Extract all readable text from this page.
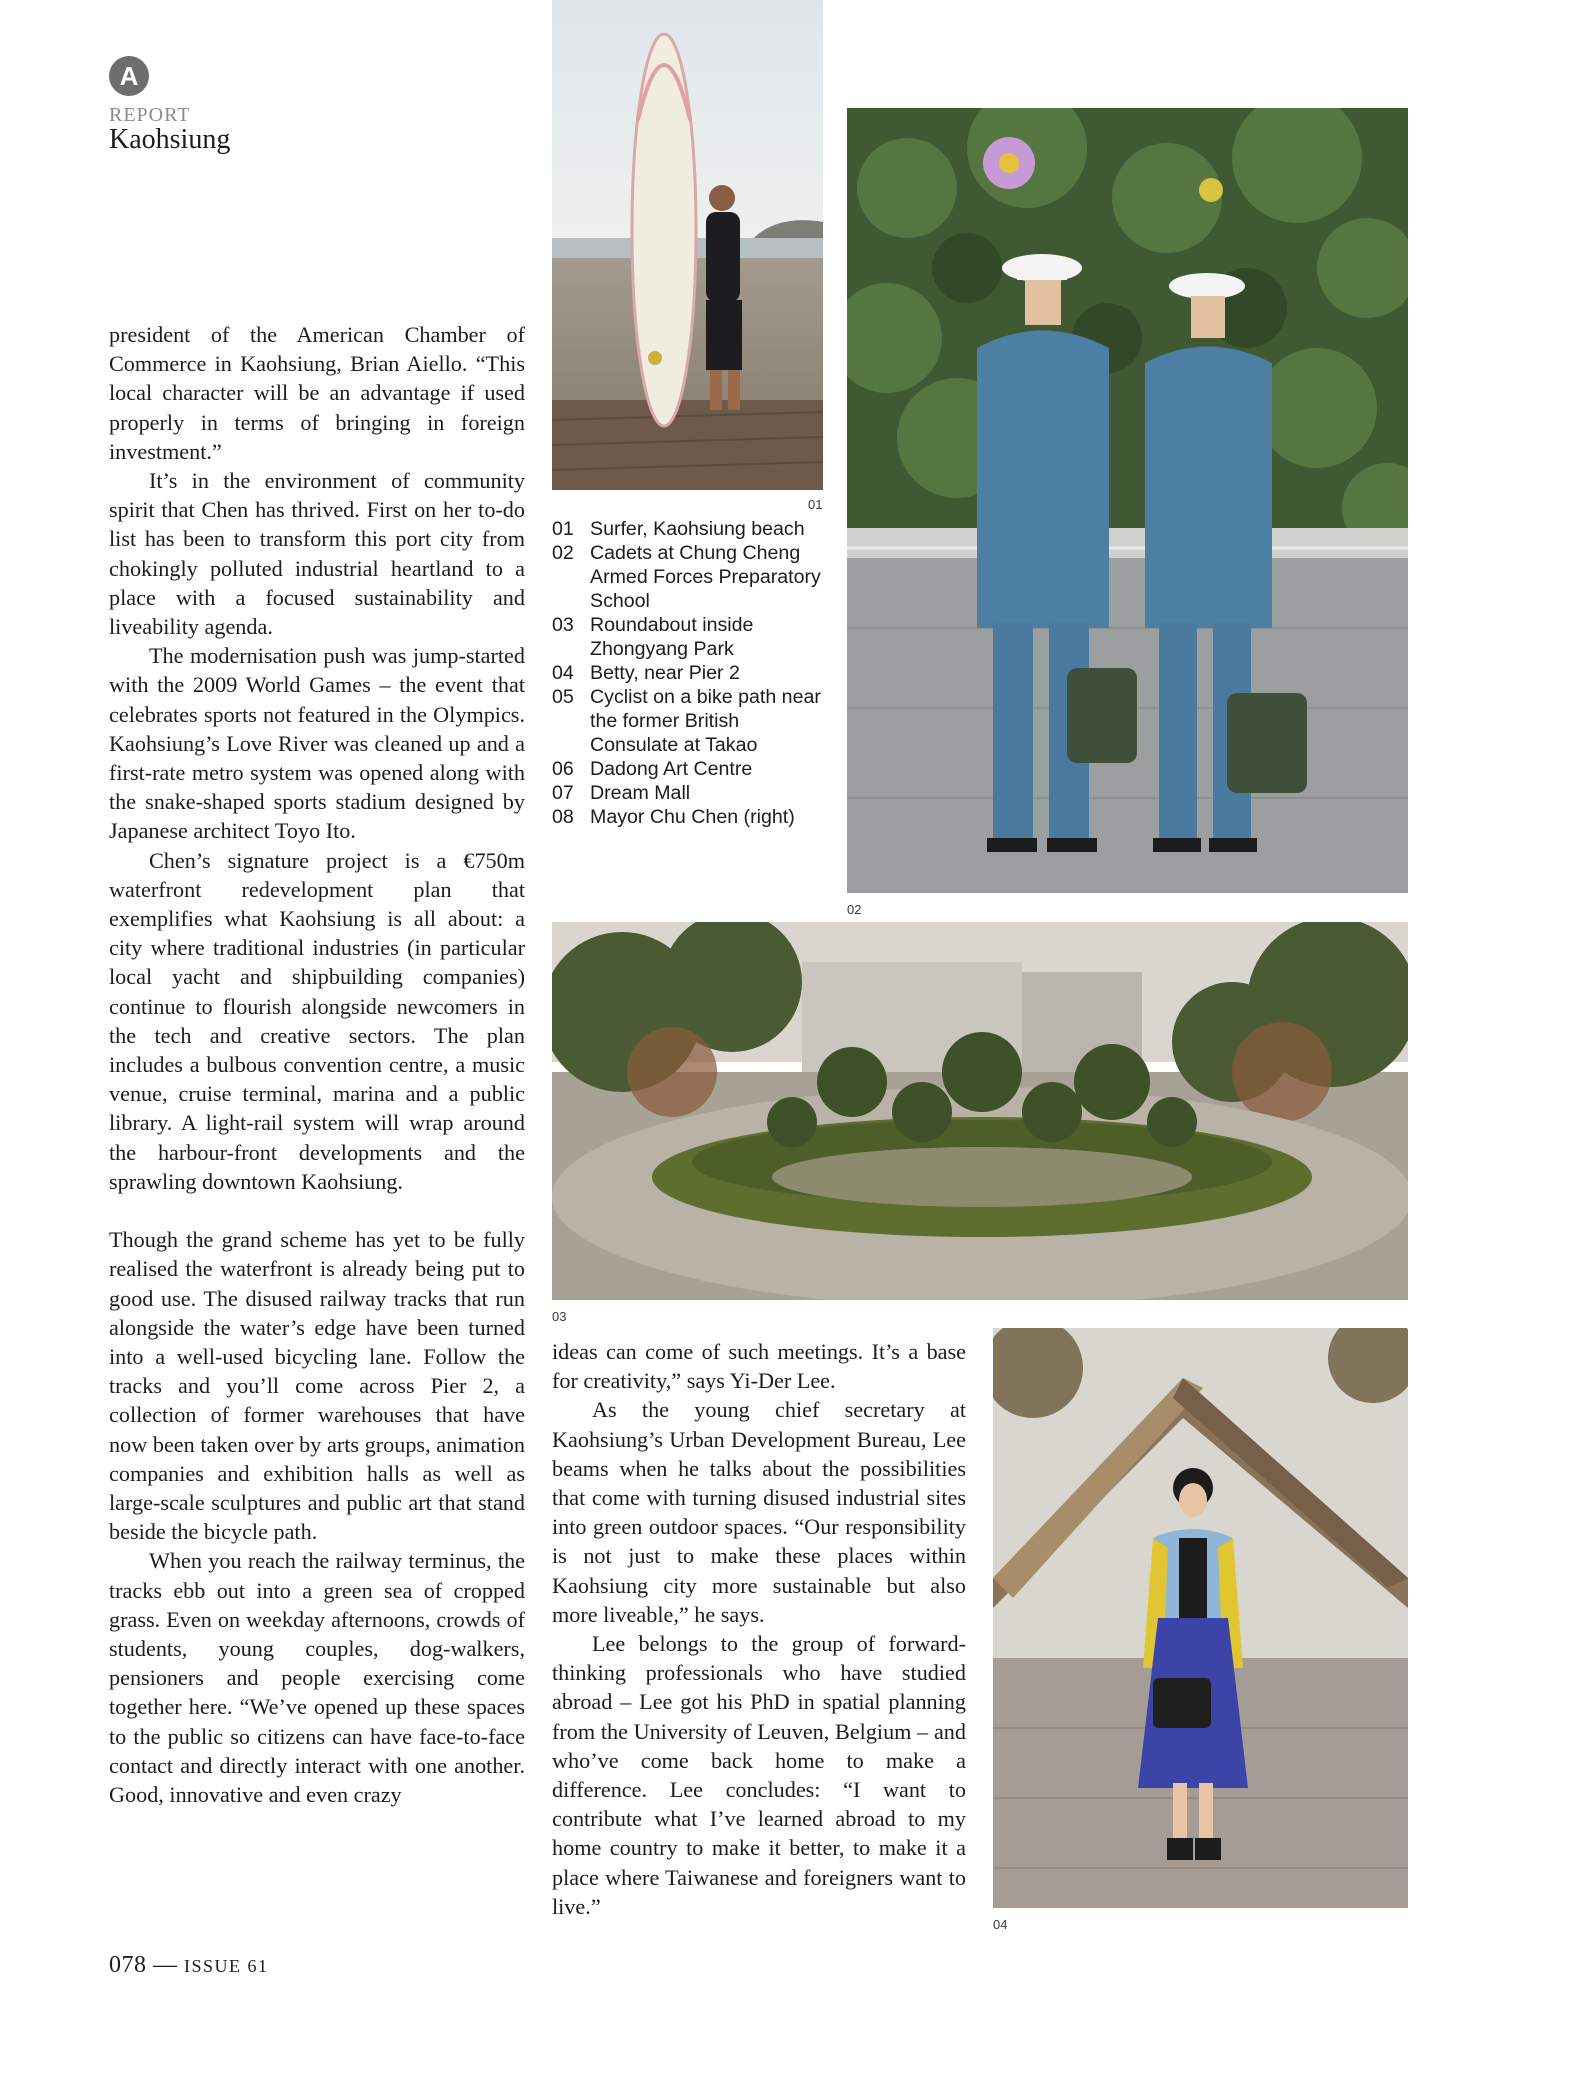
A
REPORT
Kaohsiung
01
01 Surfer, Kaohsiung beach
02 Cadets at Chung Cheng Armed Forces Preparatory School
03 Roundabout inside Zhongyang Park
04 Betty, near Pier 2
05 Cyclist on a bike path near the former British Consulate at Takao
06 Dadong Art Centre
07 Dream Mall
08 Mayor Chu Chen (right)
02
03
04

president of the American Chamber of Commerce in Kaohsiung, Brian Aiello. “This local character will be an advantage if used properly in terms of bringing in foreign investment.”

It’s in the environment of community spirit that Chen has thrived. First on her to-do list has been to transform this port city from chokingly polluted industrial heartland to a place with a focused sustainability and liveability agenda.

The modernisation push was jump-started with the 2009 World Games – the event that celebrates sports not featured in the Olympics. Kaohsiung’s Love River was cleaned up and a first-rate metro system was opened along with the snake-shaped sports stadium designed by Japanese architect Toyo Ito.

Chen’s signature project is a €750m waterfront redevelopment plan that exemplifies what Kaohsiung is all about: a city where traditional industries (in particular local yacht and shipbuilding companies) continue to flourish alongside newcomers in the tech and creative sectors. The plan includes a bulbous convention centre, a music venue, cruise terminal, marina and a public library. A light-rail system will wrap around the harbour-front developments and the sprawling downtown Kaohsiung.

Though the grand scheme has yet to be fully realised the waterfront is already being put to good use. The disused railway tracks that run alongside the water’s edge have been turned into a well-used bicycling lane. Follow the tracks and you’ll come across Pier 2, a collection of former warehouses that have now been taken over by arts groups, animation companies and exhibition halls as well as large-scale sculptures and public art that stand beside the bicycle path.

When you reach the railway terminus, the tracks ebb out into a green sea of cropped grass. Even on weekday afternoons, crowds of students, young couples, dog-walkers, pensioners and people exercising come together here. “We’ve opened up these spaces to the public so citizens can have face-to-face contact and directly interact with one another. Good, innovative and even crazy

ideas can come of such meetings. It’s a base for creativity,” says Yi-Der Lee.

As the young chief secretary at Kaohsiung’s Urban Development Bureau, Lee beams when he talks about the possibilities that come with turning disused industrial sites into green outdoor spaces. “Our responsibility is not just to make these places within Kaohsiung city more sustainable but also more liveable,” he says.

Lee belongs to the group of forward-thinking professionals who have studied abroad – Lee got his PhD in spatial planning from the University of Leuven, Belgium – and who’ve come back home to make a difference. Lee concludes: “I want to contribute what I’ve learned abroad to my home country to make it better, to make it a place where Taiwanese and foreigners want to live.”

078 — ISSUE 61
